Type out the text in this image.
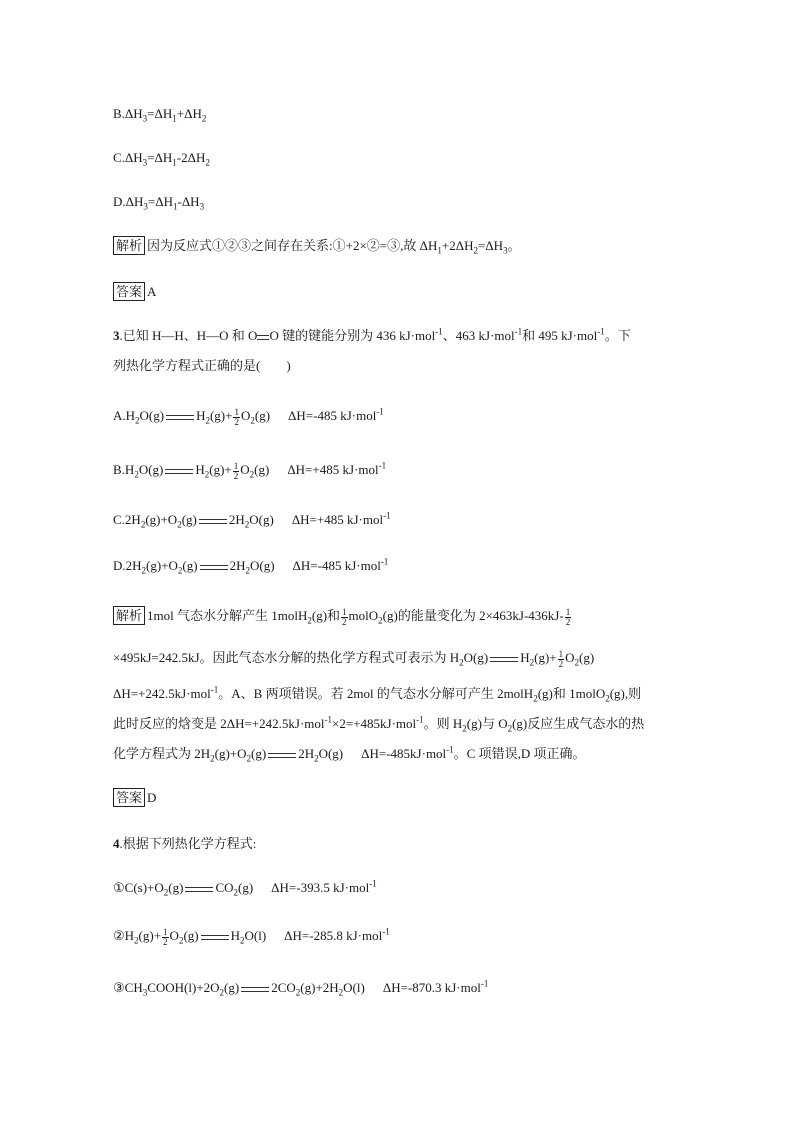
$B.\Delta H_3=\Delta H_1+\Delta H_2$
$C.\Delta H_3=\Delta H_1-2\Delta H_2$
$D.\Delta H_3=\Delta H_1-\Delta H_3$
解析 因为反应式①②③之间存在关系:①+2×②=③,故 $\Delta H_1+2\Delta H_2=\Delta H_3$。
答案 A
3.已知 H—H、H—O 和 O O 键的键能分别为 436 kJ·mol$^{-1}$、463 kJ·mol$^{-1}$和 495 kJ·mol$^{-1}$。下
列热化学方程式正确的是(　　)
$A.H_2O(g)$ $H_2(g)+ \frac{1}{2} O_2(g)$ ΔH=-485 kJ·mol$^{-1}$
$B.H_2O(g)$ $H_2(g)+ \frac{1}{2} O_2(g)$ ΔH=+485 kJ·mol$^{-1}$
$C.2H_2(g)+O_2(g)$ $2H_2O(g)$ ΔH=+485 kJ·mol$^{-1}$
$D.2H_2(g)+O_2(g)$ $2H_2O(g)$ ΔH=-485 kJ·mol$^{-1}$
解析 1mol 气态水分解产生 1molH$_2$(g)和 $\frac{1}{2}$ molO$_2$(g)的能量变化为 $2\times 463kJ-436kJ- \frac{1}{2}$
×495kJ=242.5kJ。因此气态水分解的热化学方程式可表示为 $H_2O(g)$ $H_2(g)+ \frac{1}{2} O_2(g)$
ΔH=+242.5kJ·mol$^{-1}$。A、B 两项错误。若 2mol 的气态水分解可产生 2molH$_2$(g)和 1molO$_2$(g),则
此时反应的焓变是 2ΔH=+242.5kJ·mol$^{-1}$×2=+485kJ·mol$^{-1}$。则 $H_2(g)$与 $O_2(g)$反应生成气态水的热
化学方程式为 $2H_2(g)+O_2(g)$ $2H_2O(g)$ ΔH=-485kJ·mol$^{-1}$。C 项错误,D 项正确。
答案 D
4.根据下列热化学方程式:
$①C(s)+O_2(g)$ $CO_2(g)$ ΔH=-393.5 kJ·mol$^{-1}$
$②H_2(g)+ \frac{1}{2} O_2(g)$ $H_2O(l)$ ΔH=-285.8 kJ·mol$^{-1}$
$③CH_3COOH(l)+2O_2(g)$ $2CO_2(g)+2H_2O(l)$ ΔH=-870.3 kJ·mol$^{-1}$
